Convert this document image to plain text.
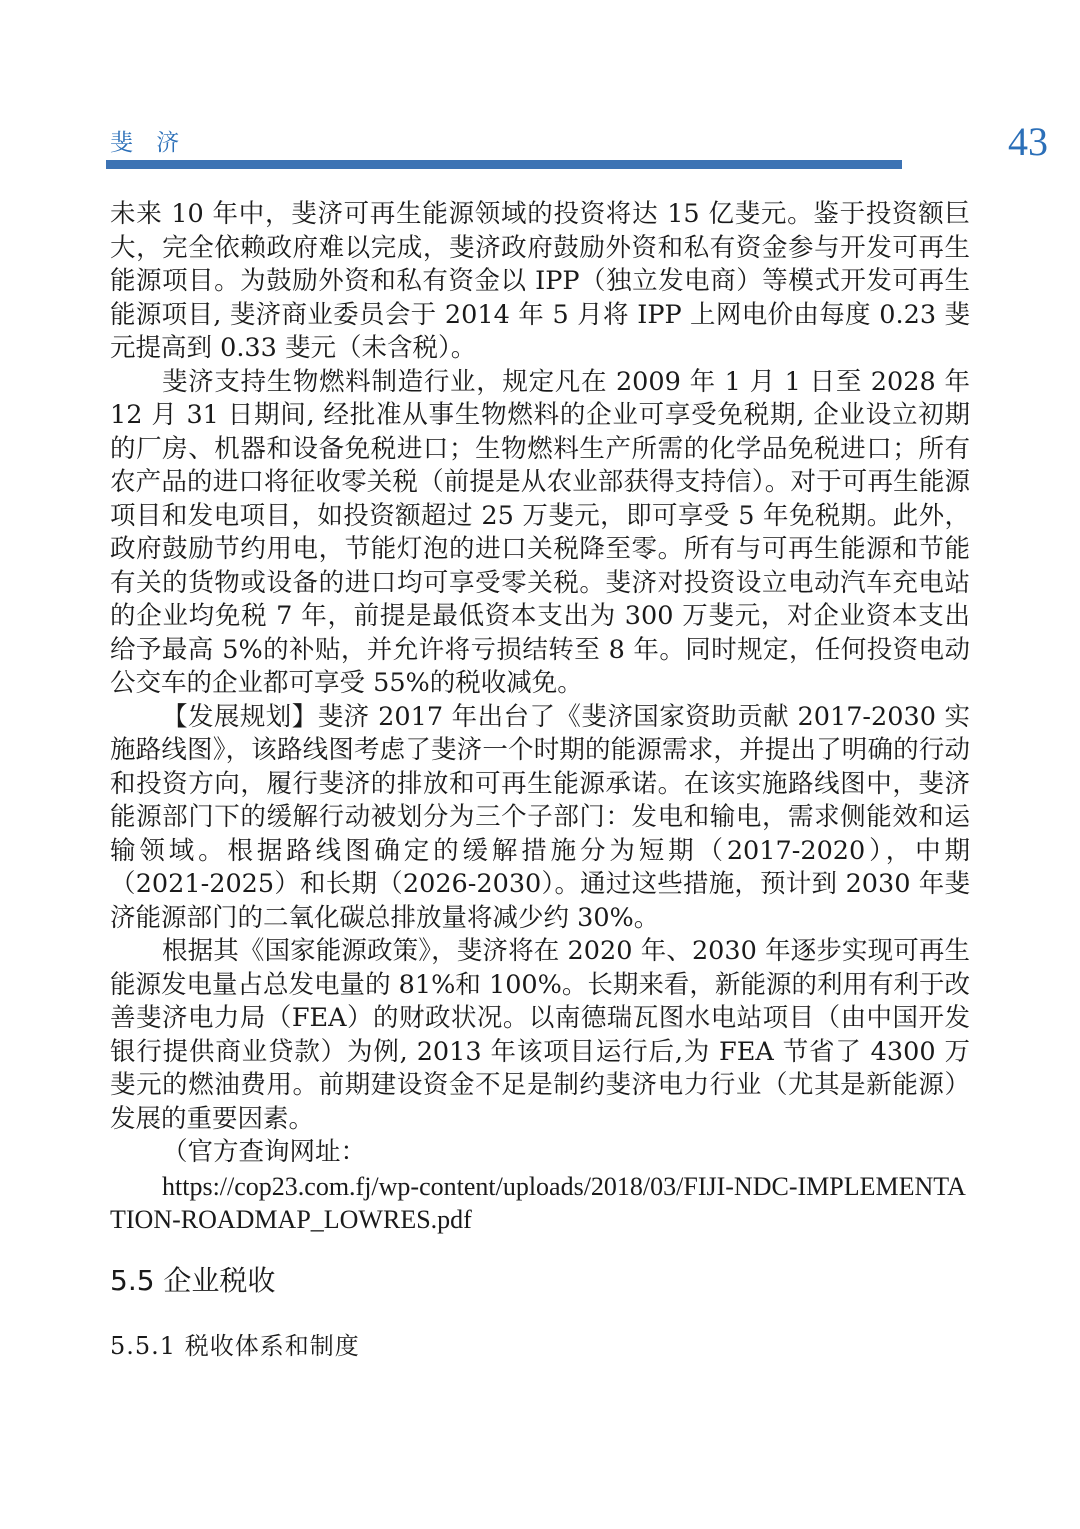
斐 济	43

未来 10 年中，斐济可再生能源领域的投资将达 15 亿斐元。鉴于投资额巨大，完全依赖政府难以完成，斐济政府鼓励外资和私有资金参与开发可再生能源项目。为鼓励外资和私有资金以 IPP（独立发电商）等模式开发可再生能源项目, 斐济商业委员会于 2014 年 5 月将 IPP 上网电价由每度 0.23 斐元提高到 0.33 斐元（未含税）。

斐济支持生物燃料制造行业，规定凡在 2009 年 1 月 1 日至 2028 年 12 月 31 日期间, 经批准从事生物燃料的企业可享受免税期, 企业设立初期的厂房、机器和设备免税进口；生物燃料生产所需的化学品免税进口；所有农产品的进口将征收零关税（前提是从农业部获得支持信）。对于可再生能源项目和发电项目，如投资额超过 25 万斐元，即可享受 5 年免税期。此外，政府鼓励节约用电，节能灯泡的进口关税降至零。所有与可再生能源和节能有关的货物或设备的进口均可享受零关税。斐济对投资设立电动汽车充电站的企业均免税 7 年，前提是最低资本支出为 300 万斐元，对企业资本支出给予最高 5%的补贴，并允许将亏损结转至 8 年。同时规定，任何投资电动公交车的企业都可享受 55%的税收减免。

【发展规划】斐济 2017 年出台了《斐济国家资助贡献 2017-2030 实施路线图》，该路线图考虑了斐济一个时期的能源需求，并提出了明确的行动和投资方向，履行斐济的排放和可再生能源承诺。在该实施路线图中，斐济能源部门下的缓解行动被划分为三个子部门：发电和输电，需求侧能效和运输领域。根据路线图确定的缓解措施分为短期（2017-2020），中期（2021-2025）和长期（2026-2030）。通过这些措施，预计到 2030 年斐济能源部门的二氧化碳总排放量将减少约 30%。

根据其《国家能源政策》，斐济将在 2020 年、2030 年逐步实现可再生能源发电量占总发电量的 81%和 100%。长期来看，新能源的利用有利于改善斐济电力局（FEA）的财政状况。以南德瑞瓦图水电站项目（由中国开发银行提供商业贷款）为例, 2013 年该项目运行后,为 FEA 节省了 4300 万斐元的燃油费用。前期建设资金不足是制约斐济电力行业（尤其是新能源）发展的重要因素。

（官方查询网址：

https://cop23.com.fj/wp-content/uploads/2018/03/FIJI-NDC-IMPLEMENTATION-ROADMAP_LOWRES.pdf

5.5 企业税收
5.5.1 税收体系和制度
